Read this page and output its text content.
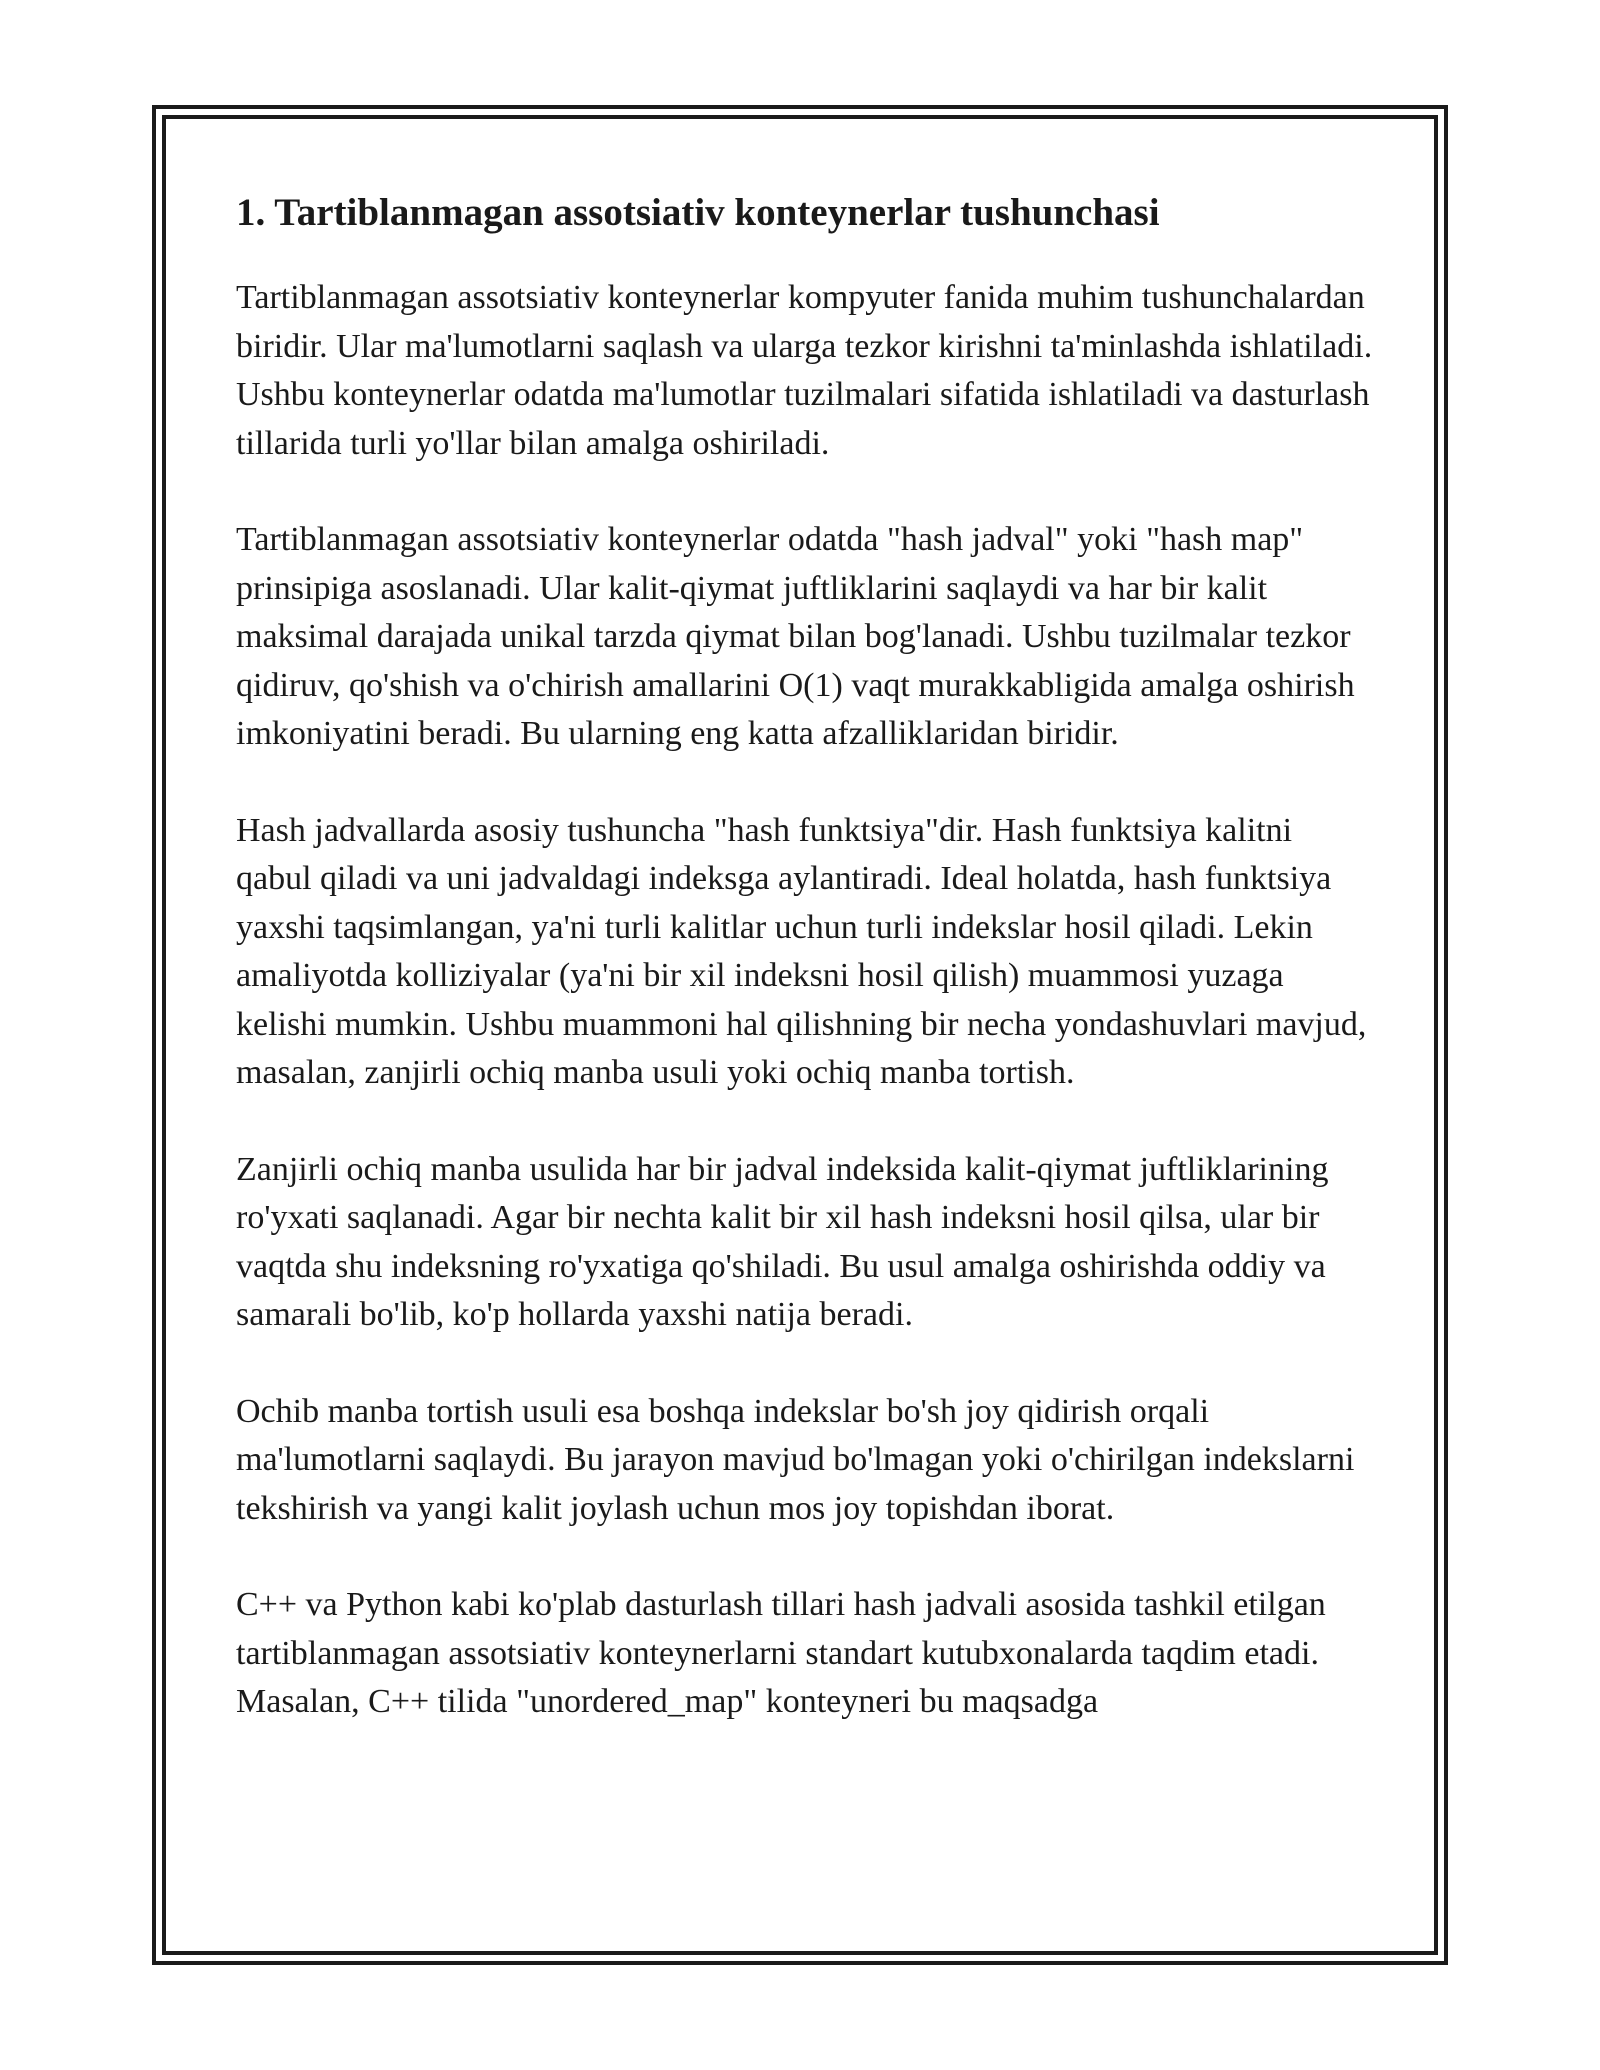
1. Tartiblanmagan assotsiativ konteynerlar tushunchasi

Tartiblanmagan assotsiativ konteynerlar kompyuter fanida muhim tushunchalardan biridir. Ular ma'lumotlarni saqlash va ularga tezkor kirishni ta'minlashda ishlatiladi. Ushbu konteynerlar odatda ma'lumotlar tuzilmalari sifatida ishlatiladi va dasturlash tillarida turli yo'llar bilan amalga oshiriladi.

Tartiblanmagan assotsiativ konteynerlar odatda "hash jadval" yoki "hash map" prinsipiga asoslanadi. Ular kalit-qiymat juftliklarini saqlaydi va har bir kalit maksimal darajada unikal tarzda qiymat bilan bog'lanadi. Ushbu tuzilmalar tezkor qidiruv, qo'shish va o'chirish amallarini O(1) vaqt murakkabligida amalga oshirish imkoniyatini beradi. Bu ularning eng katta afzalliklaridan biridir.

Hash jadvallarda asosiy tushuncha "hash funktsiya"dir. Hash funktsiya kalitni qabul qiladi va uni jadvaldagi indeksga aylantiradi. Ideal holatda, hash funktsiya yaxshi taqsimlangan, ya'ni turli kalitlar uchun turli indekslar hosil qiladi. Lekin amaliyotda kolliziyalar (ya'ni bir xil indeksni hosil qilish) muammosi yuzaga kelishi mumkin. Ushbu muammoni hal qilishning bir necha yondashuvlari mavjud, masalan, zanjirli ochiq manba usuli yoki ochiq manba tortish.

Zanjirli ochiq manba usulida har bir jadval indeksida kalit-qiymat juftliklarining ro'yxati saqlanadi. Agar bir nechta kalit bir xil hash indeksni hosil qilsa, ular bir vaqtda shu indeksning ro'yxatiga qo'shiladi. Bu usul amalga oshirishda oddiy va samarali bo'lib, ko'p hollarda yaxshi natija beradi.

Ochib manba tortish usuli esa boshqa indekslar bo'sh joy qidirish orqali ma'lumotlarni saqlaydi. Bu jarayon mavjud bo'lmagan yoki o'chirilgan indekslarni tekshirish va yangi kalit joylash uchun mos joy topishdan iborat.

C++ va Python kabi ko'plab dasturlash tillari hash jadvali asosida tashkil etilgan tartiblanmagan assotsiativ konteynerlarni standart kutubxonalarda taqdim etadi. Masalan, C++ tilida "unordered_map" konteyneri bu maqsadga
